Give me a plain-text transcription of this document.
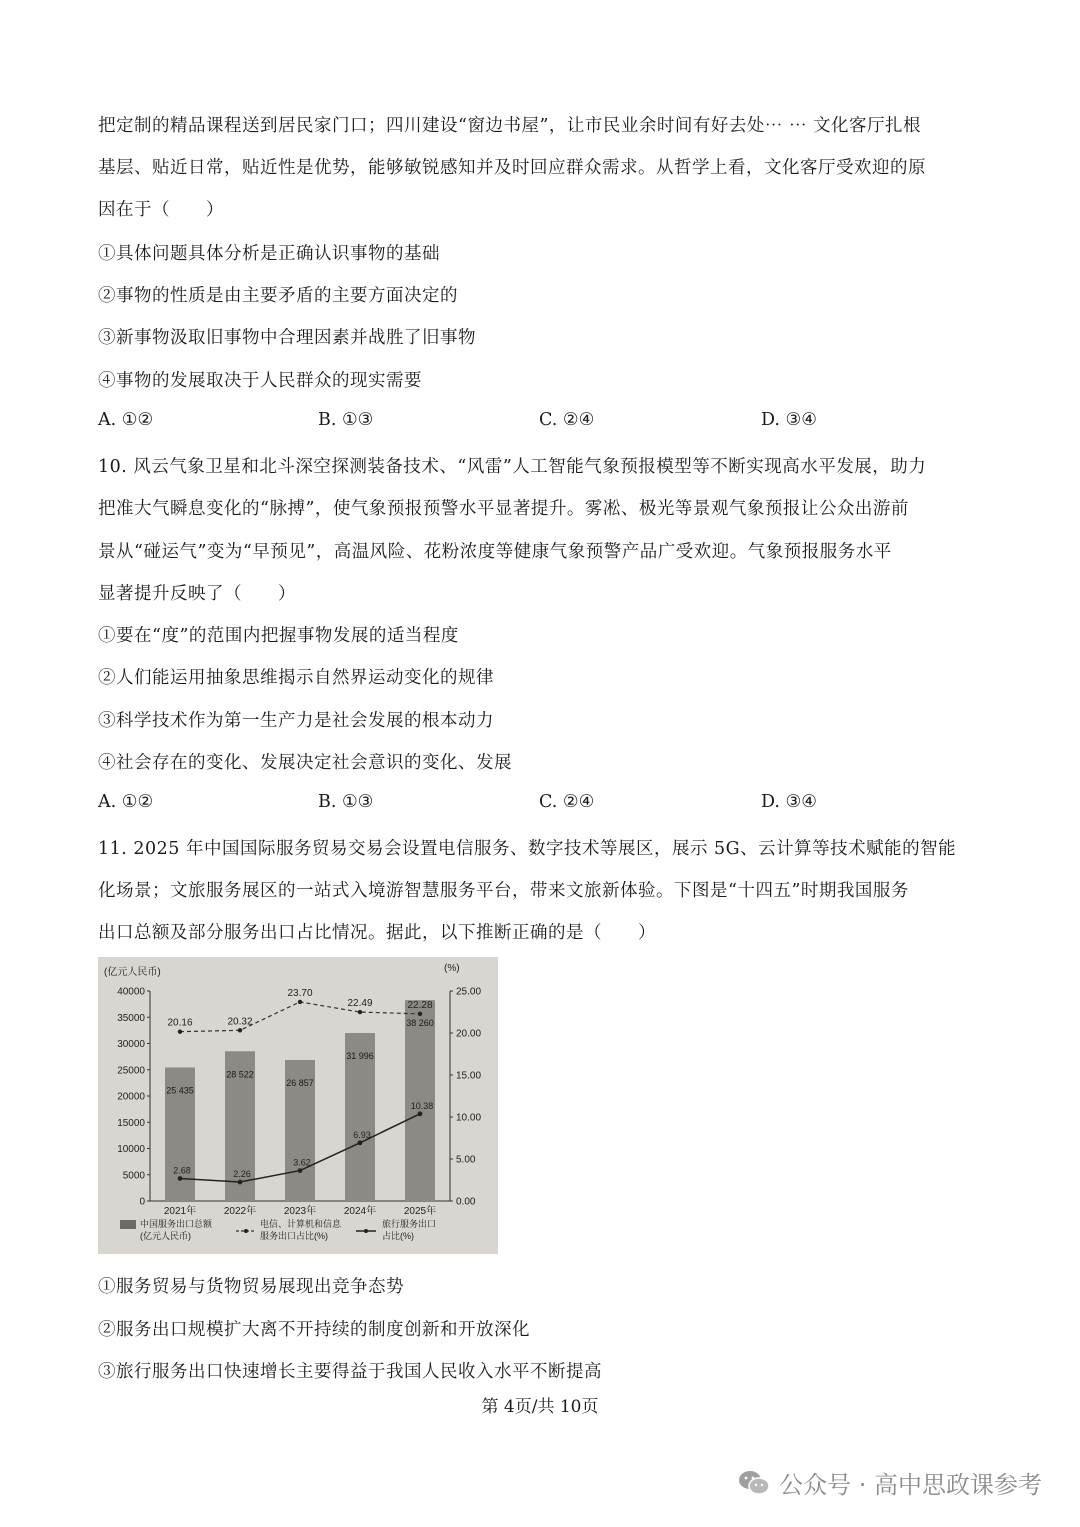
把定制的精品课程送到居民家门口；四川建设“窗边书屋”，让市民业余时间有好去处⋯ ⋯ 文化客厅扎根
基层、贴近日常，贴近性是优势，能够敏锐感知并及时回应群众需求。从哲学上看，文化客厅受欢迎的原
因在于（　　）
①具体问题具体分析是正确认识事物的基础
②事物的性质是由主要矛盾的主要方面决定的
③新事物汲取旧事物中合理因素并战胜了旧事物
④事物的发展取决于人民群众的现实需要
A. ①②	B. ①③	C. ②④	D. ③④
10. 风云气象卫星和北斗深空探测装备技术、“风雷”人工智能气象预报模型等不断实现高水平发展，助力
把准大气瞬息变化的“脉搏”，使气象预报预警水平显著提升。雾凇、极光等景观气象预报让公众出游前
景从“碰运气”变为“早预见”，高温风险、花粉浓度等健康气象预警产品广受欢迎。气象预报服务水平
显著提升反映了（　　）
①要在“度”的范围内把握事物发展的适当程度
②人们能运用抽象思维揭示自然界运动变化的规律
③科学技术作为第一生产力是社会发展的根本动力
④社会存在的变化、发展决定社会意识的变化、发展
A. ①②	B. ①③	C. ②④	D. ③④
11. 2025 年中国国际服务贸易交易会设置电信服务、数字技术等展区，展示 5G、云计算等技术赋能的智能
化场景；文旅服务展区的一站式入境游智慧服务平台，带来文旅新体验。下图是“十四五”时期我国服务
出口总额及部分服务出口占比情况。据此，以下推断正确的是（　　）
(亿元人民币)	(%)
0
5000
10000
15000
20000
25000
30000
35000
40000
0.00
5.00
10.00
15.00
20.00
25.00
25 435
28 522
26 857
31 996
38 260
2021年	2022年	2023年	2024年	2025年
20.16	20.32
23.70
22.49	22.28
2.68	2.26
3.62
6.93
10.38
中国服务出口总额
(亿元人民币)
电信、计算机和信息
服务出口占比(%)
旅行服务出口
占比(%)
①服务贸易与货物贸易展现出竞争态势
②服务出口规模扩大离不开持续的制度创新和开放深化
③旅行服务出口快速增长主要得益于我国人民收入水平不断提高
第 4页/共 10页
公众号 · 高中思政课参考
